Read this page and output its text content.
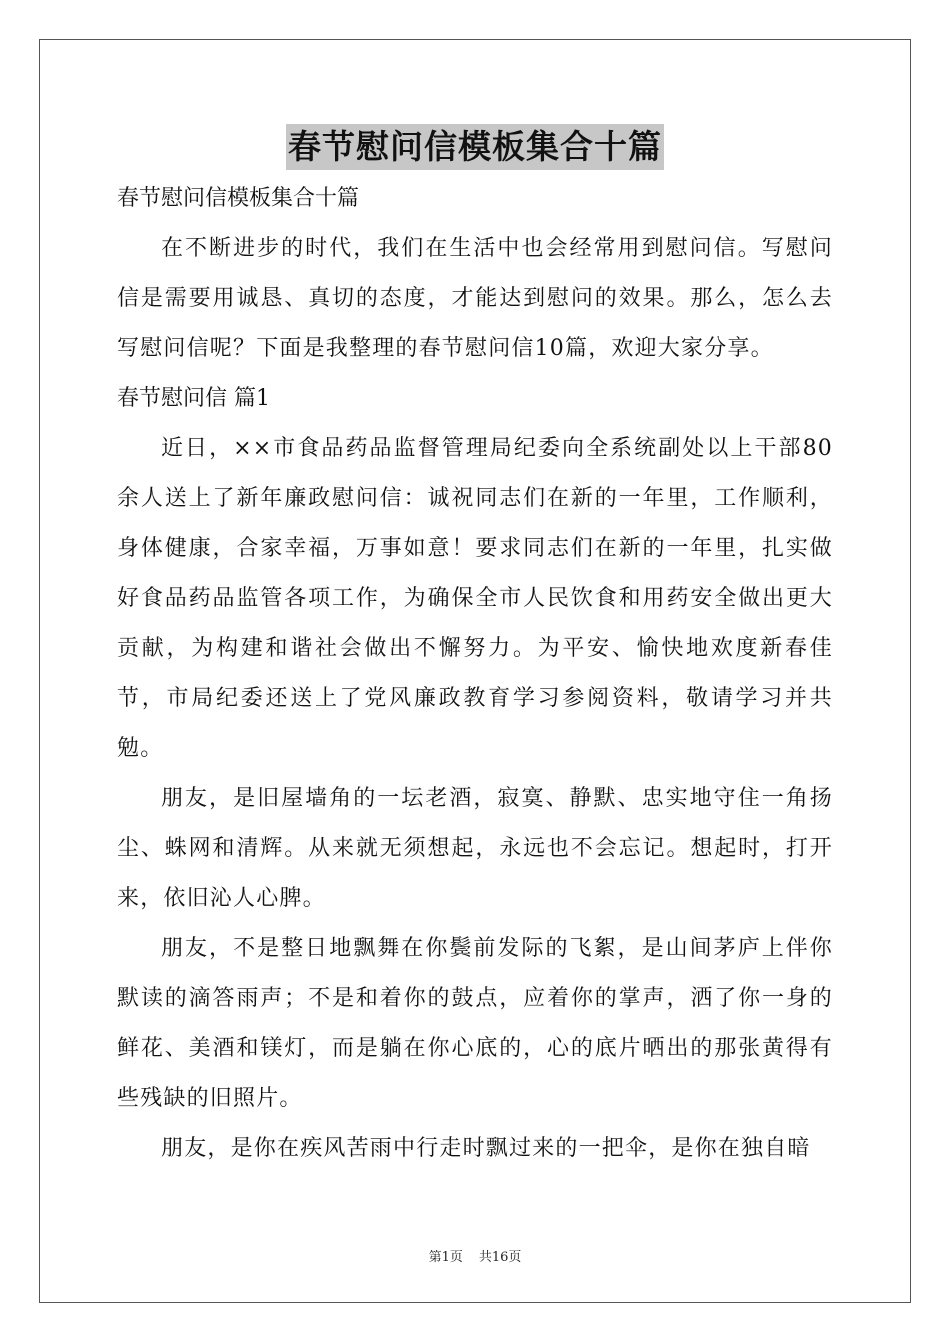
春节慰问信模板集合十篇

春节慰问信模板集合十篇

在不断进步的时代，我们在生活中也会经常用到慰问信。写慰问信是需要用诚恳、真切的态度，才能达到慰问的效果。那么，怎么去写慰问信呢？下面是我整理的春节慰问信10篇，欢迎大家分享。

春节慰问信 篇1

近日，××市食品药品监督管理局纪委向全系统副处以上干部80余人送上了新年廉政慰问信：诚祝同志们在新的一年里，工作顺利，身体健康，合家幸福，万事如意！要求同志们在新的一年里，扎实做好食品药品监管各项工作，为确保全市人民饮食和用药安全做出更大贡献，为构建和谐社会做出不懈努力。为平安、愉快地欢度新春佳节，市局纪委还送上了党风廉政教育学习参阅资料，敬请学习并共勉。

朋友，是旧屋墙角的一坛老酒，寂寞、静默、忠实地守住一角扬尘、蛛网和清辉。从来就无须想起，永远也不会忘记。想起时，打开来，依旧沁人心脾。

朋友，不是整日地飘舞在你鬓前发际的飞絮，是山间茅庐上伴你默读的滴答雨声；不是和着你的鼓点，应着你的掌声，洒了你一身的鲜花、美酒和镁灯，而是躺在你心底的，心的底片晒出的那张黄得有些残缺的旧照片。

朋友，是你在疾风苦雨中行走时飘过来的一把伞，是你在独自暗

第1页 共16页
